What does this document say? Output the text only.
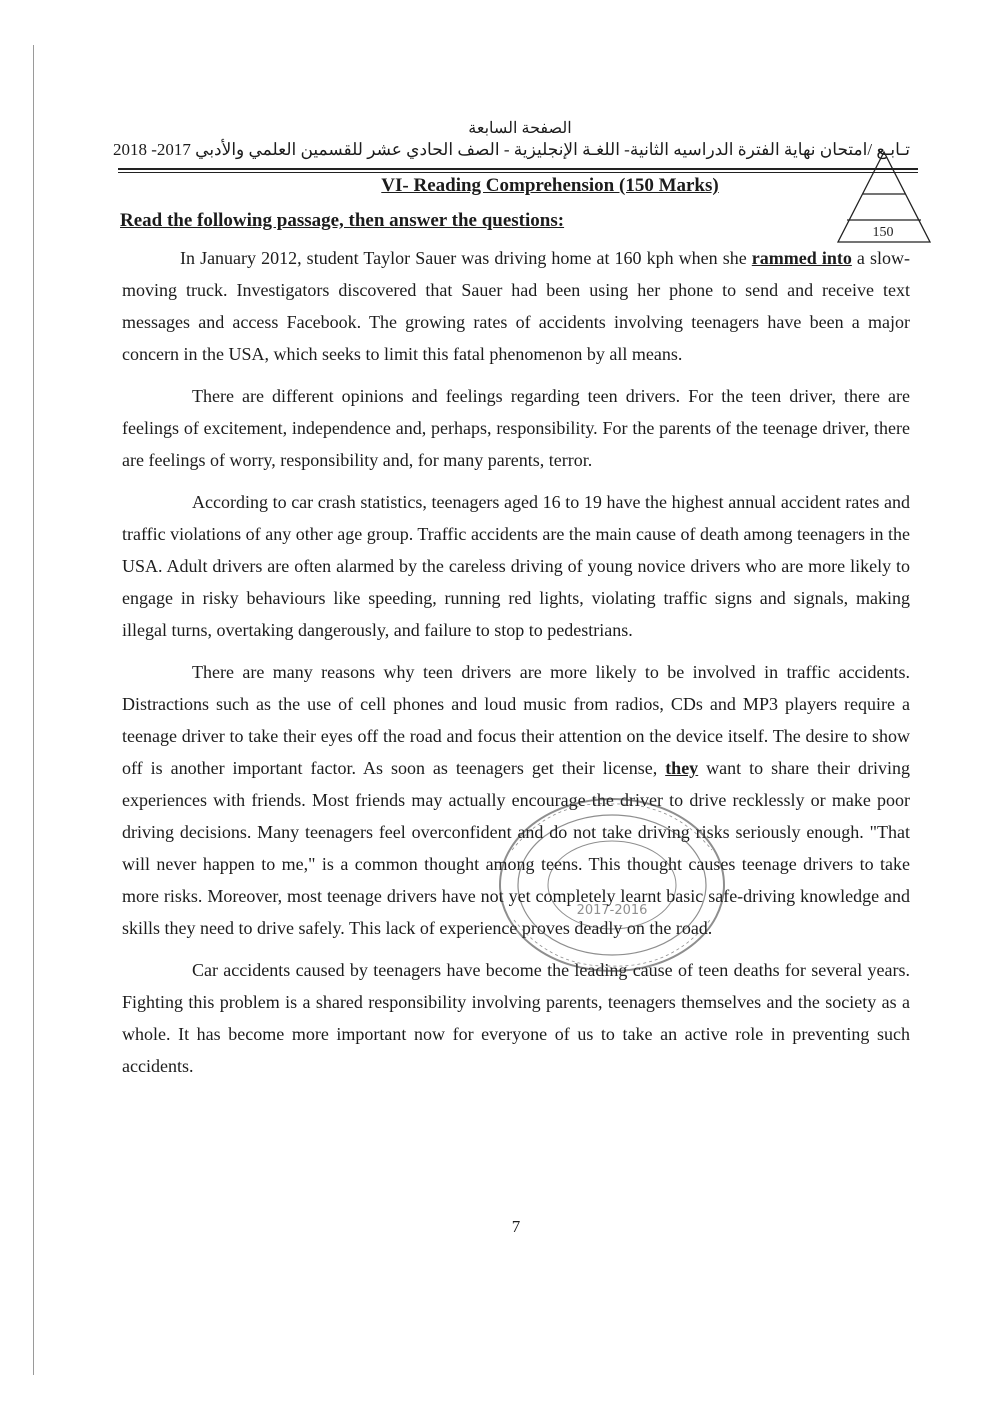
الصفحة السابعة
تـابـع /امتحان نهاية الفترة الدراسيه الثانية- اللغـة الإنجليزية - الصف الحادي عشر للقسمين العلمي والأدبي 2017- 2018
VI- Reading Comprehension (150 Marks)
150
Read the following passage, then answer the questions:

In January 2012, student Taylor Sauer was driving home at 160 kph when she rammed into a slow-moving truck. Investigators discovered that Sauer had been using her phone to send and receive text messages and access Facebook. The growing rates of accidents involving teenagers have been a major concern in the USA, which seeks to limit this fatal phenomenon by all means.

There are different opinions and feelings regarding teen drivers. For the teen driver, there are feelings of excitement, independence and, perhaps, responsibility. For the parents of the teenage driver, there are feelings of worry, responsibility and, for many parents, terror.

According to car crash statistics, teenagers aged 16 to 19 have the highest annual accident rates and traffic violations of any other age group. Traffic accidents are the main cause of death among teenagers in the USA. Adult drivers are often alarmed by the careless driving of young novice drivers who are more likely to engage in risky behaviours like speeding, running red lights, violating traffic signs and signals, making illegal turns, overtaking dangerously, and failure to stop to pedestrians.

There are many reasons why teen drivers are more likely to be involved in traffic accidents. Distractions such as the use of cell phones and loud music from radios, CDs and MP3 players require a teenage driver to take their eyes off the road and focus their attention on the device itself. The desire to show off is another important factor. As soon as teenagers get their license, they want to share their driving experiences with friends. Most friends may actually encourage the driver to drive recklessly or make poor driving decisions. Many teenagers feel overconfident and do not take driving risks seriously enough. "That will never happen to me," is a common thought among teens. This thought causes teenage drivers to take more risks. Moreover, most teenage drivers have not yet completely learnt basic safe-driving knowledge and skills they need to drive safely. This lack of experience proves deadly on the road.

Car accidents caused by teenagers have become the leading cause of teen deaths for several years. Fighting this problem is a shared responsibility involving parents, teenagers themselves and the society as a whole. It has become more important now for everyone of us to take an active role in preventing such accidents.

2017-2016
7
